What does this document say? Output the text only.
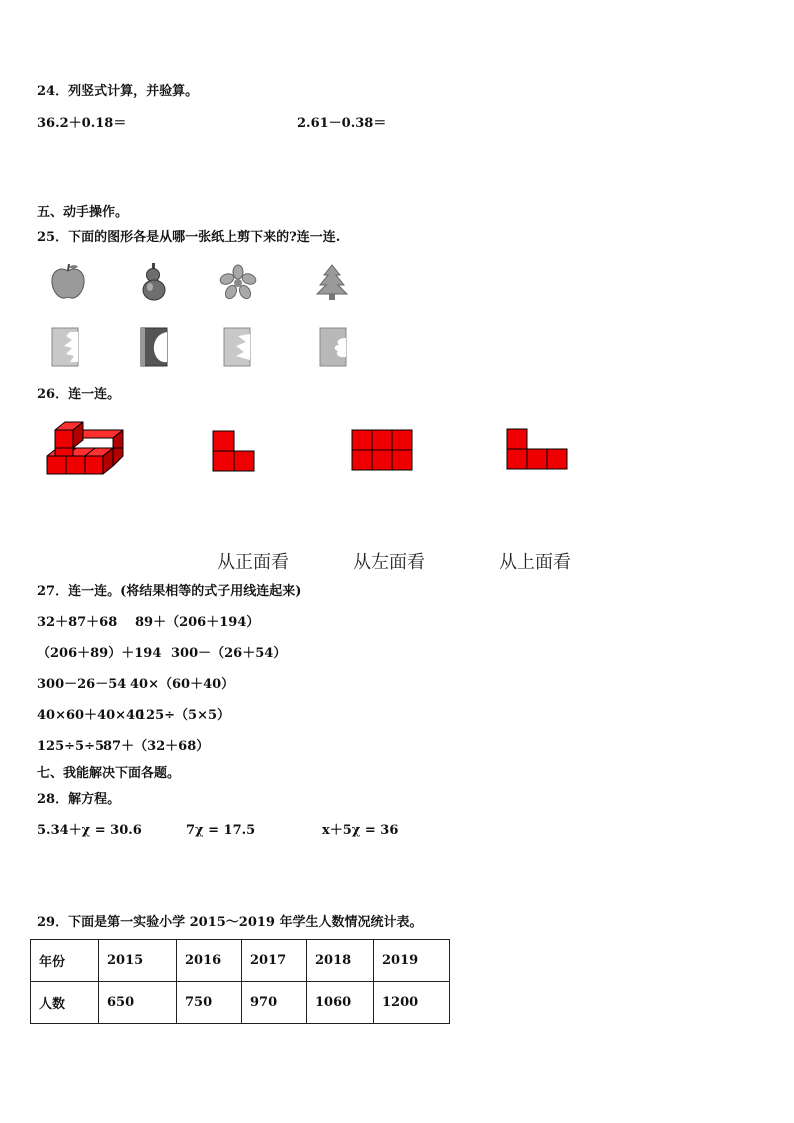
24．列竖式计算，并验算。
36.2＋0.18＝	2.61－0.38＝
五、动手操作。
25．下面的图形各是从哪一张纸上剪下来的?连一连.
26．连一连。
从正面看	从左面看	从上面看
27．连一连。(将结果相等的式子用线连起来)
32＋87＋68 89＋（206＋194）
（206＋89）＋194 300－（26＋54）
300－26－54 40×（60＋40）
40×60＋40×40
125÷（5×5）
125÷5÷5
87＋（32＋68）
七、我能解决下面各题。
28．解方程。
5.34＋χ = 30.6	7χ = 17.5	x＋5χ = 36
29．下面是第一实验小学 2015～2019 年学生人数情况统计表。
年份	2015	2016	2017	2018	2019
人数	650	750	970	1060	1200
